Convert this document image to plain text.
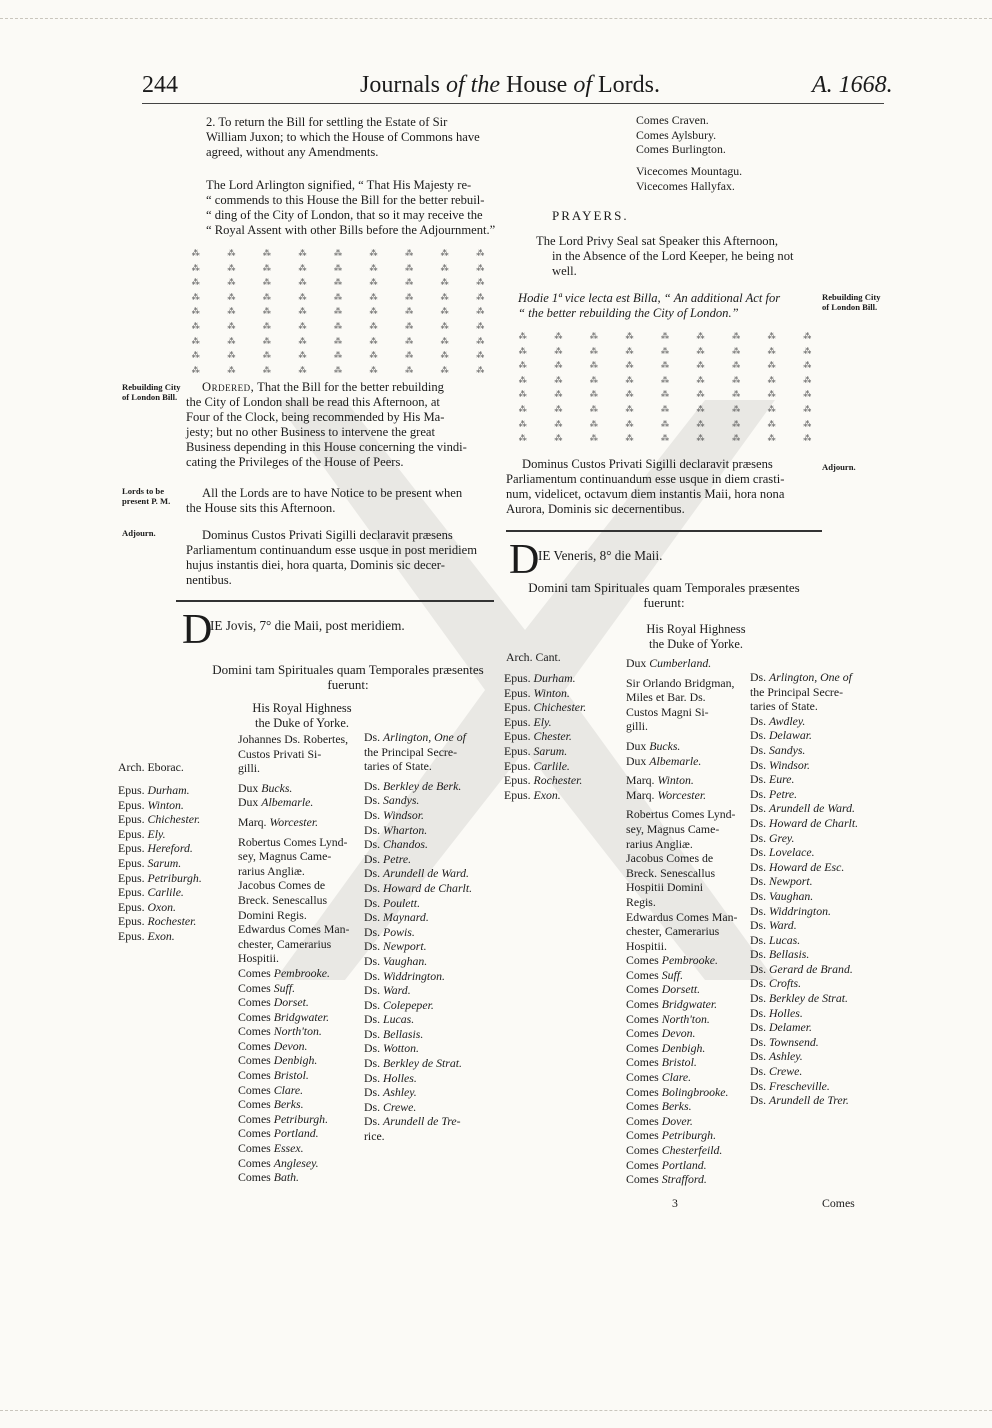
244	Journals of the House of Lords.	A. 1668.
2. To return the Bill for settling the Estate of Sir
William Juxon; to which the House of Commons have
agreed, without any Amendments.
The Lord Arlington signified, “ That His Majesty re-
“ commends to this House the Bill for the better rebuil-
“ ding of the City of London, that so it may receive the
“ Royal Assent with other Bills before the Adjournment.”
⁂
⁂
⁂
⁂
⁂
⁂
⁂
⁂
⁂
⁂
⁂
⁂
⁂
⁂
⁂
⁂
⁂
⁂
⁂
⁂
⁂
⁂
⁂
⁂
⁂
⁂
⁂
⁂
⁂
⁂
⁂
⁂
⁂
⁂
⁂
⁂
⁂
⁂
⁂
⁂
⁂
⁂
⁂
⁂
⁂
⁂
⁂
⁂
⁂
⁂
⁂
⁂
⁂
⁂
⁂
⁂
⁂
⁂
⁂
⁂
⁂
⁂
⁂
⁂
⁂
⁂
⁂
⁂
⁂
⁂
⁂
⁂
⁂
⁂
⁂
⁂
⁂
⁂
⁂
⁂
⁂
Rebuilding City of London Bill.
Ordered, That the Bill for the better rebuilding
the City of London shall be read this Afternoon, at
Four of the Clock, being recommended by His Ma-
jesty; but no other Business to intervene the great
Business depending in this House concerning the vindi-
cating the Privileges of the House of Peers.
Lords to be present P. M.
All the Lords are to have Notice to be present when
the House sits this Afternoon.
Adjourn.	Dominus Custos Privati Sigilli declaravit præsens
Parliamentum continuandum esse usque in post meridiem
hujus instantis diei, hora quarta, Dominis sic decer-
nentibus.
D
IE Jovis, 7° die Maii, post meridiem.
Domini tam Spirituales quam Temporales præsentes
fuerunt:
His Royal Highness
the Duke of Yorke.
Arch. Eborac.
Epus. Durham.
Epus. Winton.
Epus. Chichester.
Epus. Ely.
Epus. Hereford.
Epus. Sarum.
Epus. Petriburgh.
Epus. Carlile.
Epus. Oxon.
Epus. Rochester.
Epus. Exon.
Johannes Ds. Robertes,
Custos Privati Si-
gilli.

Dux Bucks.
Dux Albemarle.

Marq. Worcester.

Robertus Comes Lynd-
sey, Magnus Came-
rarius Angliæ.
Jacobus Comes de
Breck. Senescallus
Domini Regis.
Edwardus Comes Man-
chester, Camerarius
Hospitii.
Comes Pembrooke.
Comes Suff.
Comes Dorset.
Comes Bridgwater.
Comes North'ton.
Comes Devon.
Comes Denbigh.
Comes Bristol.
Comes Clare.
Comes Berks.
Comes Petriburgh.
Comes Portland.
Comes Essex.
Comes Anglesey.
Comes Bath.
Ds. Arlington, One of
the Principal Secre-
taries of State.

Ds. Berkley de Berk.
Ds. Sandys.
Ds. Windsor.
Ds. Wharton.
Ds. Chandos.
Ds. Petre.
Ds. Arundell de Ward.
Ds. Howard de Charlt.
Ds. Poulett.
Ds. Maynard.
Ds. Powis.
Ds. Newport.
Ds. Vaughan.
Ds. Widdrington.
Ds. Ward.
Ds. Colepeper.
Ds. Lucas.
Ds. Bellasis.
Ds. Wotton.
Ds. Berkley de Strat.
Ds. Holles.
Ds. Ashley.
Ds. Crewe.
Ds. Arundell de Tre-
rice.
Comes Craven.
Comes Aylsbury.
Comes Burlington.
Vicecomes Mountagu.
Vicecomes Hallyfax.
PRAYERS.
The Lord Privy Seal sat Speaker this Afternoon,
in the Absence of the Lord Keeper, he being not
well.
Hodie 1ª vice lecta est Billa, “ An additional Act for
“ the better rebuilding the City of London.”
Rebuilding City of London Bill.
⁂
⁂
⁂
⁂
⁂
⁂
⁂
⁂
⁂
⁂
⁂
⁂
⁂
⁂
⁂
⁂
⁂
⁂
⁂
⁂
⁂
⁂
⁂
⁂
⁂
⁂
⁂
⁂
⁂
⁂
⁂
⁂
⁂
⁂
⁂
⁂
⁂
⁂
⁂
⁂
⁂
⁂
⁂
⁂
⁂
⁂
⁂
⁂
⁂
⁂
⁂
⁂
⁂
⁂
⁂
⁂
⁂
⁂
⁂
⁂
⁂
⁂
⁂
⁂
⁂
⁂
⁂
⁂
⁂
⁂
⁂
⁂
Dominus Custos Privati Sigilli declaravit præsens
Parliamentum continuandum esse usque in diem crasti-
num, videlicet, octavum diem instantis Maii, hora nona
Aurora, Dominis sic decernentibus.
Adjourn.
D
IE Veneris, 8° die Maii.
Domini tam Spirituales quam Temporales præsentes
fuerunt:
His Royal Highness
the Duke of Yorke.
Arch. Cant.
Epus. Durham.
Epus. Winton.
Epus. Chichester.
Epus. Ely.
Epus. Chester.
Epus. Sarum.
Epus. Carlile.
Epus. Rochester.
Epus. Exon.
Dux Cumberland.

Sir Orlando Bridgman,
Miles et Bar. Ds.
Custos Magni Si-
gilli.

Dux Bucks.
Dux Albemarle.

Marq. Winton.
Marq. Worcester.

Robertus Comes Lynd-
sey, Magnus Came-
rarius Angliæ.
Jacobus Comes de
Breck. Senescallus
Hospitii Domini
Regis.
Edwardus Comes Man-
chester, Camerarius
Hospitii.
Comes Pembrooke.
Comes Suff.
Comes Dorsett.
Comes Bridgwater.
Comes North'ton.
Comes Devon.
Comes Denbigh.
Comes Bristol.
Comes Clare.
Comes Bolingbrooke.
Comes Berks.
Comes Dover.
Comes Petriburgh.
Comes Chesterfeild.
Comes Portland.
Comes Strafford.
Ds. Arlington, One of
the Principal Secre-
taries of State.
Ds. Awdley.
Ds. Delawar.
Ds. Sandys.
Ds. Windsor.
Ds. Eure.
Ds. Petre.
Ds. Arundell de Ward.
Ds. Howard de Charlt.
Ds. Grey.
Ds. Lovelace.
Ds. Howard de Esc.
Ds. Newport.
Ds. Vaughan.
Ds. Widdrington.
Ds. Ward.
Ds. Lucas.
Ds. Bellasis.
Ds. Gerard de Brand.
Ds. Crofts.
Ds. Berkley de Strat.
Ds. Holles.
Ds. Delamer.
Ds. Townsend.
Ds. Ashley.
Ds. Crewe.
Ds. Frescheville.
Ds. Arundell de Trer.
3	Comes
